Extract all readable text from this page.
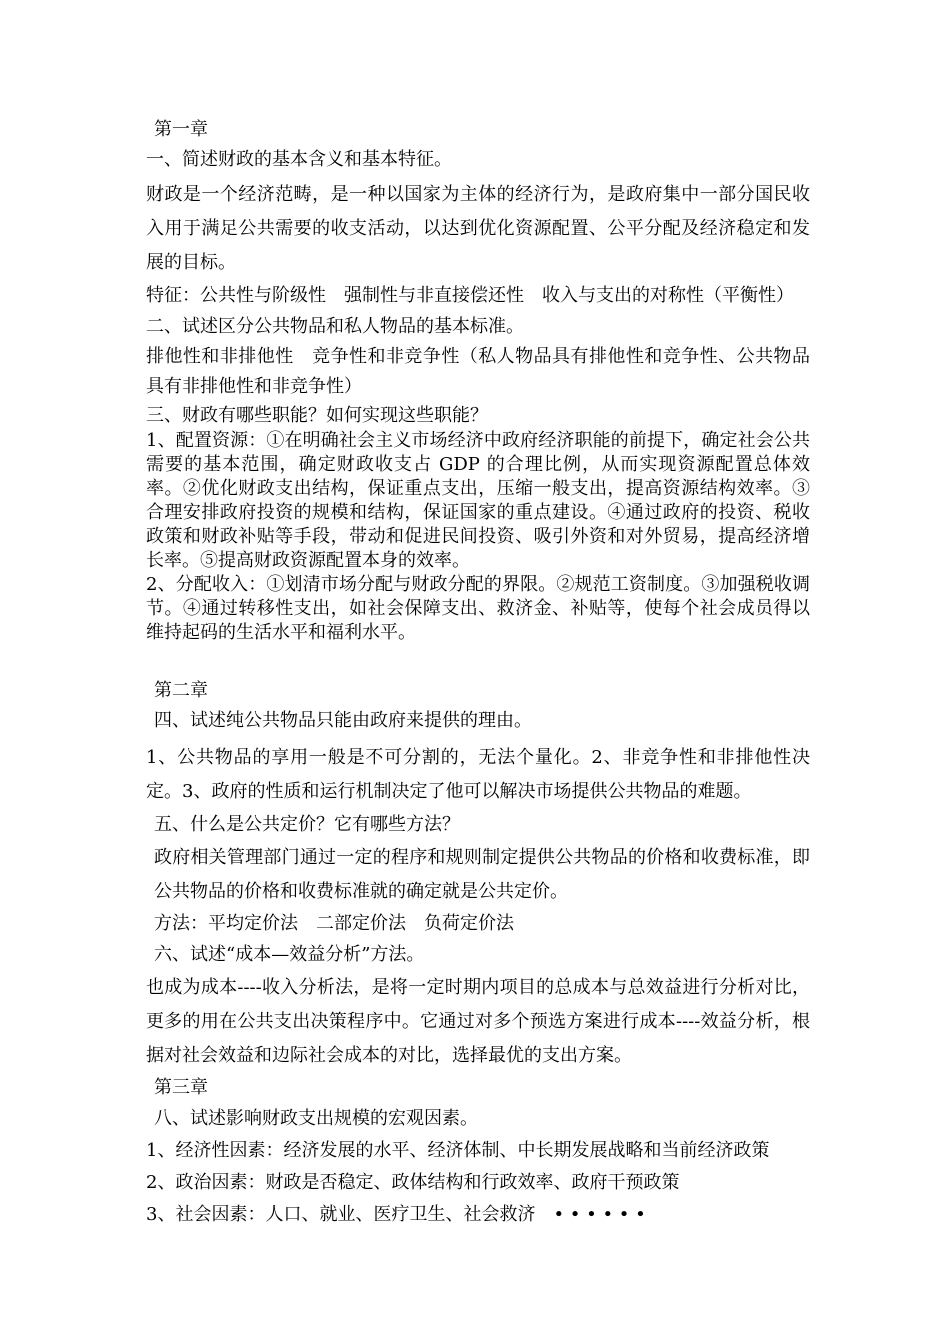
第一章
一、简述财政的基本含义和基本特征。
财政是一个经济范畴，是一种以国家为主体的经济行为，是政府集中一部分国民收入用于满足公共需要的收支活动，以达到优化资源配置、公平分配及经济稳定和发展的目标。
特征：公共性与阶级性　强制性与非直接偿还性　收入与支出的对称性（平衡性）
二、试述区分公共物品和私人物品的基本标准。
排他性和非排他性　竞争性和非竞争性（私人物品具有排他性和竞争性、公共物品具有非排他性和非竞争性）
三、财政有哪些职能？如何实现这些职能？
1、配置资源：①在明确社会主义市场经济中政府经济职能的前提下，确定社会公共需要的基本范围，确定财政收支占 GDP 的合理比例，从而实现资源配置总体效率。②优化财政支出结构，保证重点支出，压缩一般支出，提高资源结构效率。③合理安排政府投资的规模和结构，保证国家的重点建设。④通过政府的投资、税收政策和财政补贴等手段，带动和促进民间投资、吸引外资和对外贸易，提高经济增长率。⑤提高财政资源配置本身的效率。
2、分配收入：①划清市场分配与财政分配的界限。②规范工资制度。③加强税收调节。④通过转移性支出，如社会保障支出、救济金、补贴等，使每个社会成员得以维持起码的生活水平和福利水平。
第二章
四、试述纯公共物品只能由政府来提供的理由。
1、公共物品的享用一般是不可分割的，无法个量化。2、非竞争性和非排他性决定。3、政府的性质和运行机制决定了他可以解决市场提供公共物品的难题。
五、什么是公共定价？它有哪些方法？
政府相关管理部门通过一定的程序和规则制定提供公共物品的价格和收费标准，即公共物品的价格和收费标准就的确定就是公共定价。
方法：平均定价法　二部定价法　负荷定价法
六、试述“成本—效益分析”方法。
也成为成本----收入分析法，是将一定时期内项目的总成本与总效益进行分析对比，更多的用在公共支出决策程序中。它通过对多个预选方案进行成本----效益分析，根据对社会效益和边际社会成本的对比，选择最优的支出方案。
第三章
八、试述影响财政支出规模的宏观因素。
1、经济性因素：经济发展的水平、经济体制、中长期发展战略和当前经济政策
2、政治因素：财政是否稳定、政体结构和行政效率、政府干预政策
3、社会因素：人口、就业、医疗卫生、社会救济　• • • • • •
